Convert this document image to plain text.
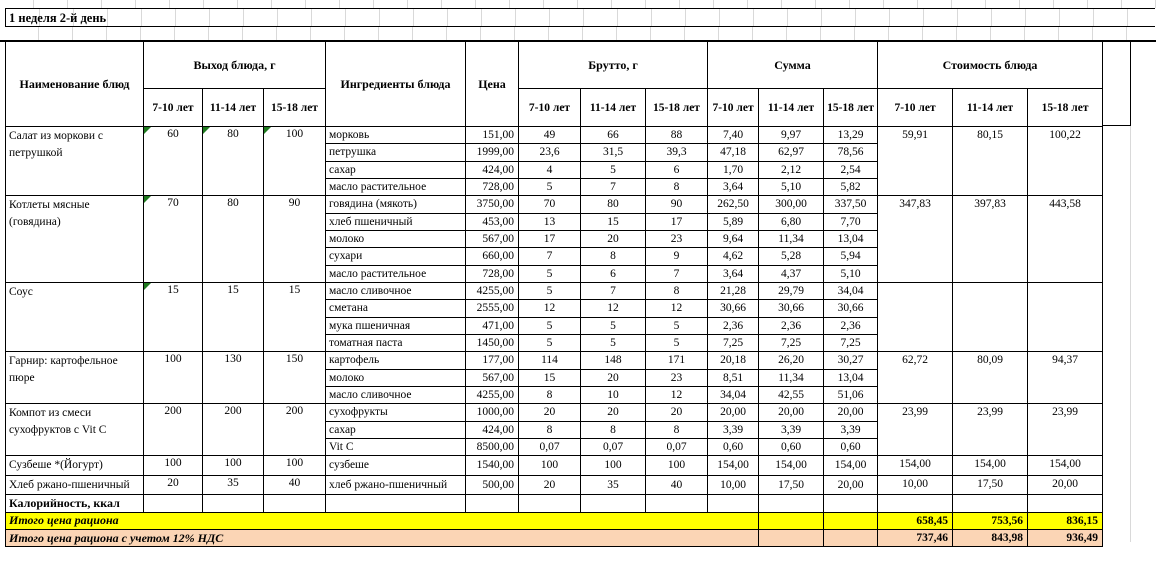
1 неделя 2-й день
Наименование блюд	Выход блюда, г			Ингредиенты блюда	Цена	Брутто, г			Сумма			Стоимость блюда		
	7-10 лет	11-14 лет	15-18 лет			7-10 лет	11-14 лет	15-18 лет	7-10 лет	11-14 лет	15-18 лет	7-10 лет	11-14 лет	15-18 лет
Салат из моркови с петрушкой	60	80	100	морковь	151,00	49	66	88	7,40	9,97	13,29	59,91	80,15	100,22
				петрушка	1999,00	23,6	31,5	39,3	47,18	62,97	78,56			
				сахар	424,00	4	5	6	1,70	2,12	2,54			
				масло растительное	728,00	5	7	8	3,64	5,10	5,82			
Котлеты мясные (говядина)	70	80	90	говядина (мякоть)	3750,00	70	80	90	262,50	300,00	337,50	347,83	397,83	443,58
				хлеб пшеничный	453,00	13	15	17	5,89	6,80	7,70			
				молоко	567,00	17	20	23	9,64	11,34	13,04			
				сухари	660,00	7	8	9	4,62	5,28	5,94			
				масло растительное	728,00	5	6	7	3,64	4,37	5,10			
Соус	15	15	15	масло сливочное	4255,00	5	7	8	21,28	29,79	34,04			
				сметана	2555,00	12	12	12	30,66	30,66	30,66			
				мука пшеничная	471,00	5	5	5	2,36	2,36	2,36			
				томатная паста	1450,00	5	5	5	7,25	7,25	7,25			
Гарнир: картофельное пюре	100	130	150	картофель	177,00	114	148	171	20,18	26,20	30,27	62,72	80,09	94,37
				молоко	567,00	15	20	23	8,51	11,34	13,04			
				масло сливочное	4255,00	8	10	12	34,04	42,55	51,06			
Компот из смеси сухофруктов с Vit C	200	200	200	сухофрукты	1000,00	20	20	20	20,00	20,00	20,00	23,99	23,99	23,99
				сахар	424,00	8	8	8	3,39	3,39	3,39			
				Vit C	8500,00	0,07	0,07	0,07	0,60	0,60	0,60			
Сузбеше *(Йогурт)	100	100	100	сузбеше	1540,00	100	100	100	154,00	154,00	154,00	154,00	154,00	154,00
Хлеб ржано-пшеничный	20	35	40	хлеб ржано-пшеничный	500,00	20	35	40	10,00	17,50	20,00	10,00	17,50	20,00
Калорийность, ккал														
Итого цена рациона												658,45	753,56	836,15
Итого цена рациона с учетом 12% НДС												737,46	843,98	936,49
